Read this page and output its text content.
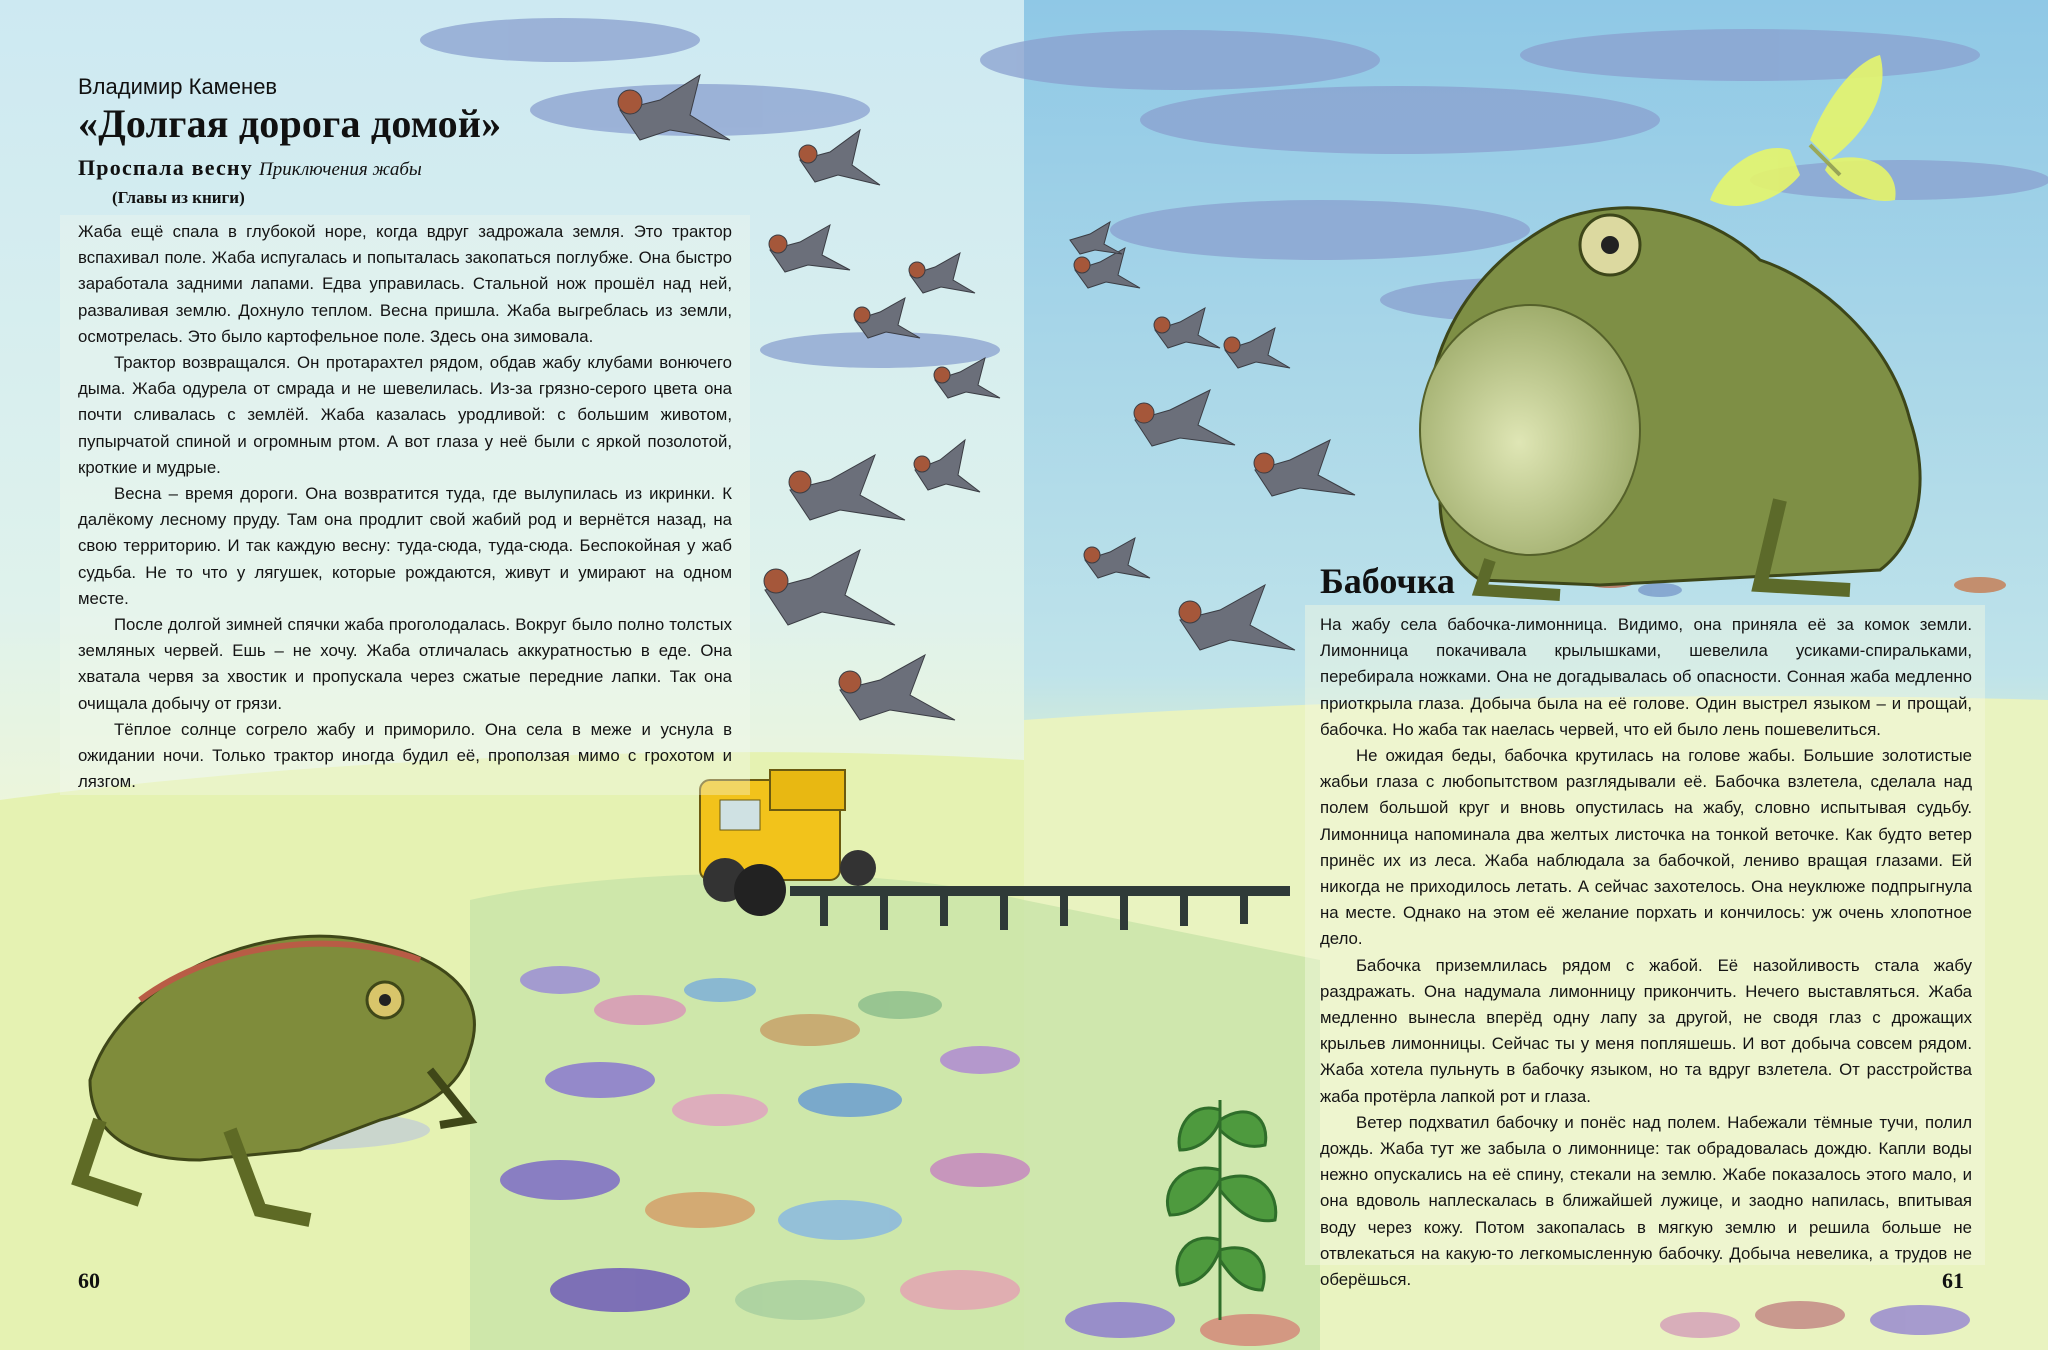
Владимир Каменев
«Долгая дорога домой»
Проспала весну Приключения жабы
(Главы из книги)

Жаба ещё спала в глубокой норе, когда вдруг задрожала земля. Это трактор вспахивал поле. Жаба испугалась и попыталась закопаться поглубже. Она быстро заработала задними лапами. Едва управилась. Стальной нож прошёл над ней, разваливая землю. Дохнуло теплом. Весна пришла. Жаба выгреблась из земли, осмотрелась. Это было картофельное поле. Здесь она зимовала.

Трактор возвращался. Он протарахтел рядом, обдав жабу клубами вонючего дыма. Жаба одурела от смрада и не шевелилась. Из-за грязно-серого цвета она почти сливалась с землёй. Жаба казалась уродливой: с большим животом, пупырчатой спиной и огромным ртом. А вот глаза у неё были с яркой позолотой, кроткие и мудрые.

Весна – время дороги. Она возвратится туда, где вылупилась из икринки. К далёкому лесному пруду. Там она продлит свой жабий род и вернётся назад, на свою территорию. И так каждую весну: туда-сюда, туда-сюда. Беспокойная у жаб судьба. Не то что у лягушек, которые рождаются, живут и умирают на одном месте.

После долгой зимней спячки жаба проголодалась. Вокруг было полно толстых земляных червей. Ешь – не хочу. Жаба отличалась аккуратностью в еде. Она хватала червя за хвостик и пропускала через сжатые передние лапки. Так она очищала добычу от грязи.

Тёплое солнце согрело жабу и приморило. Она села в меже и уснула в ожидании ночи. Только трактор иногда будил её, проползая мимо с грохотом и лязгом.

60
Бабочка

На жабу села бабочка-лимонница. Видимо, она приняла её за комок земли. Лимонница покачивала крылышками, шевелила усиками-спиральками, перебирала ножками. Она не догадывалась об опасности. Сонная жаба медленно приоткрыла глаза. Добыча была на её голове. Один выстрел языком – и прощай, бабочка. Но жаба так наелась червей, что ей было лень пошевелиться.

Не ожидая беды, бабочка крутилась на голове жабы. Большие золотистые жабьи глаза с любопытством разглядывали её. Бабочка взлетела, сделала над полем большой круг и вновь опустилась на жабу, словно испытывая судьбу. Лимонница напоминала два желтых листочка на тонкой веточке. Как будто ветер принёс их из леса. Жаба наблюдала за бабочкой, лениво вращая глазами. Ей никогда не приходилось летать. А сейчас захотелось. Она неуклюже подпрыгнула на месте. Однако на этом её желание порхать и кончилось: уж очень хлопотное дело.

Бабочка приземлилась рядом с жабой. Её назойливость стала жабу раздражать. Она надумала лимонницу прикончить. Нечего выставляться. Жаба медленно вынесла вперёд одну лапу за другой, не сводя глаз с дрожащих крыльев лимонницы. Сейчас ты у меня попляшешь. И вот добыча совсем рядом. Жаба хотела пульнуть в бабочку языком, но та вдруг взлетела. От расстройства жаба протёрла лапкой рот и глаза.

Ветер подхватил бабочку и понёс над полем. Набежали тёмные тучи, полил дождь. Жаба тут же забыла о лимоннице: так обрадовалась дождю. Капли воды нежно опускались на её спину, стекали на землю. Жабе показалось этого мало, и она вдоволь наплескалась в ближайшей лужице, и заодно напилась, впитывая воду через кожу. Потом закопалась в мягкую землю и решила больше не отвлекаться на какую-то легкомысленную бабочку. Добыча невелика, а трудов не оберёшься.	61
